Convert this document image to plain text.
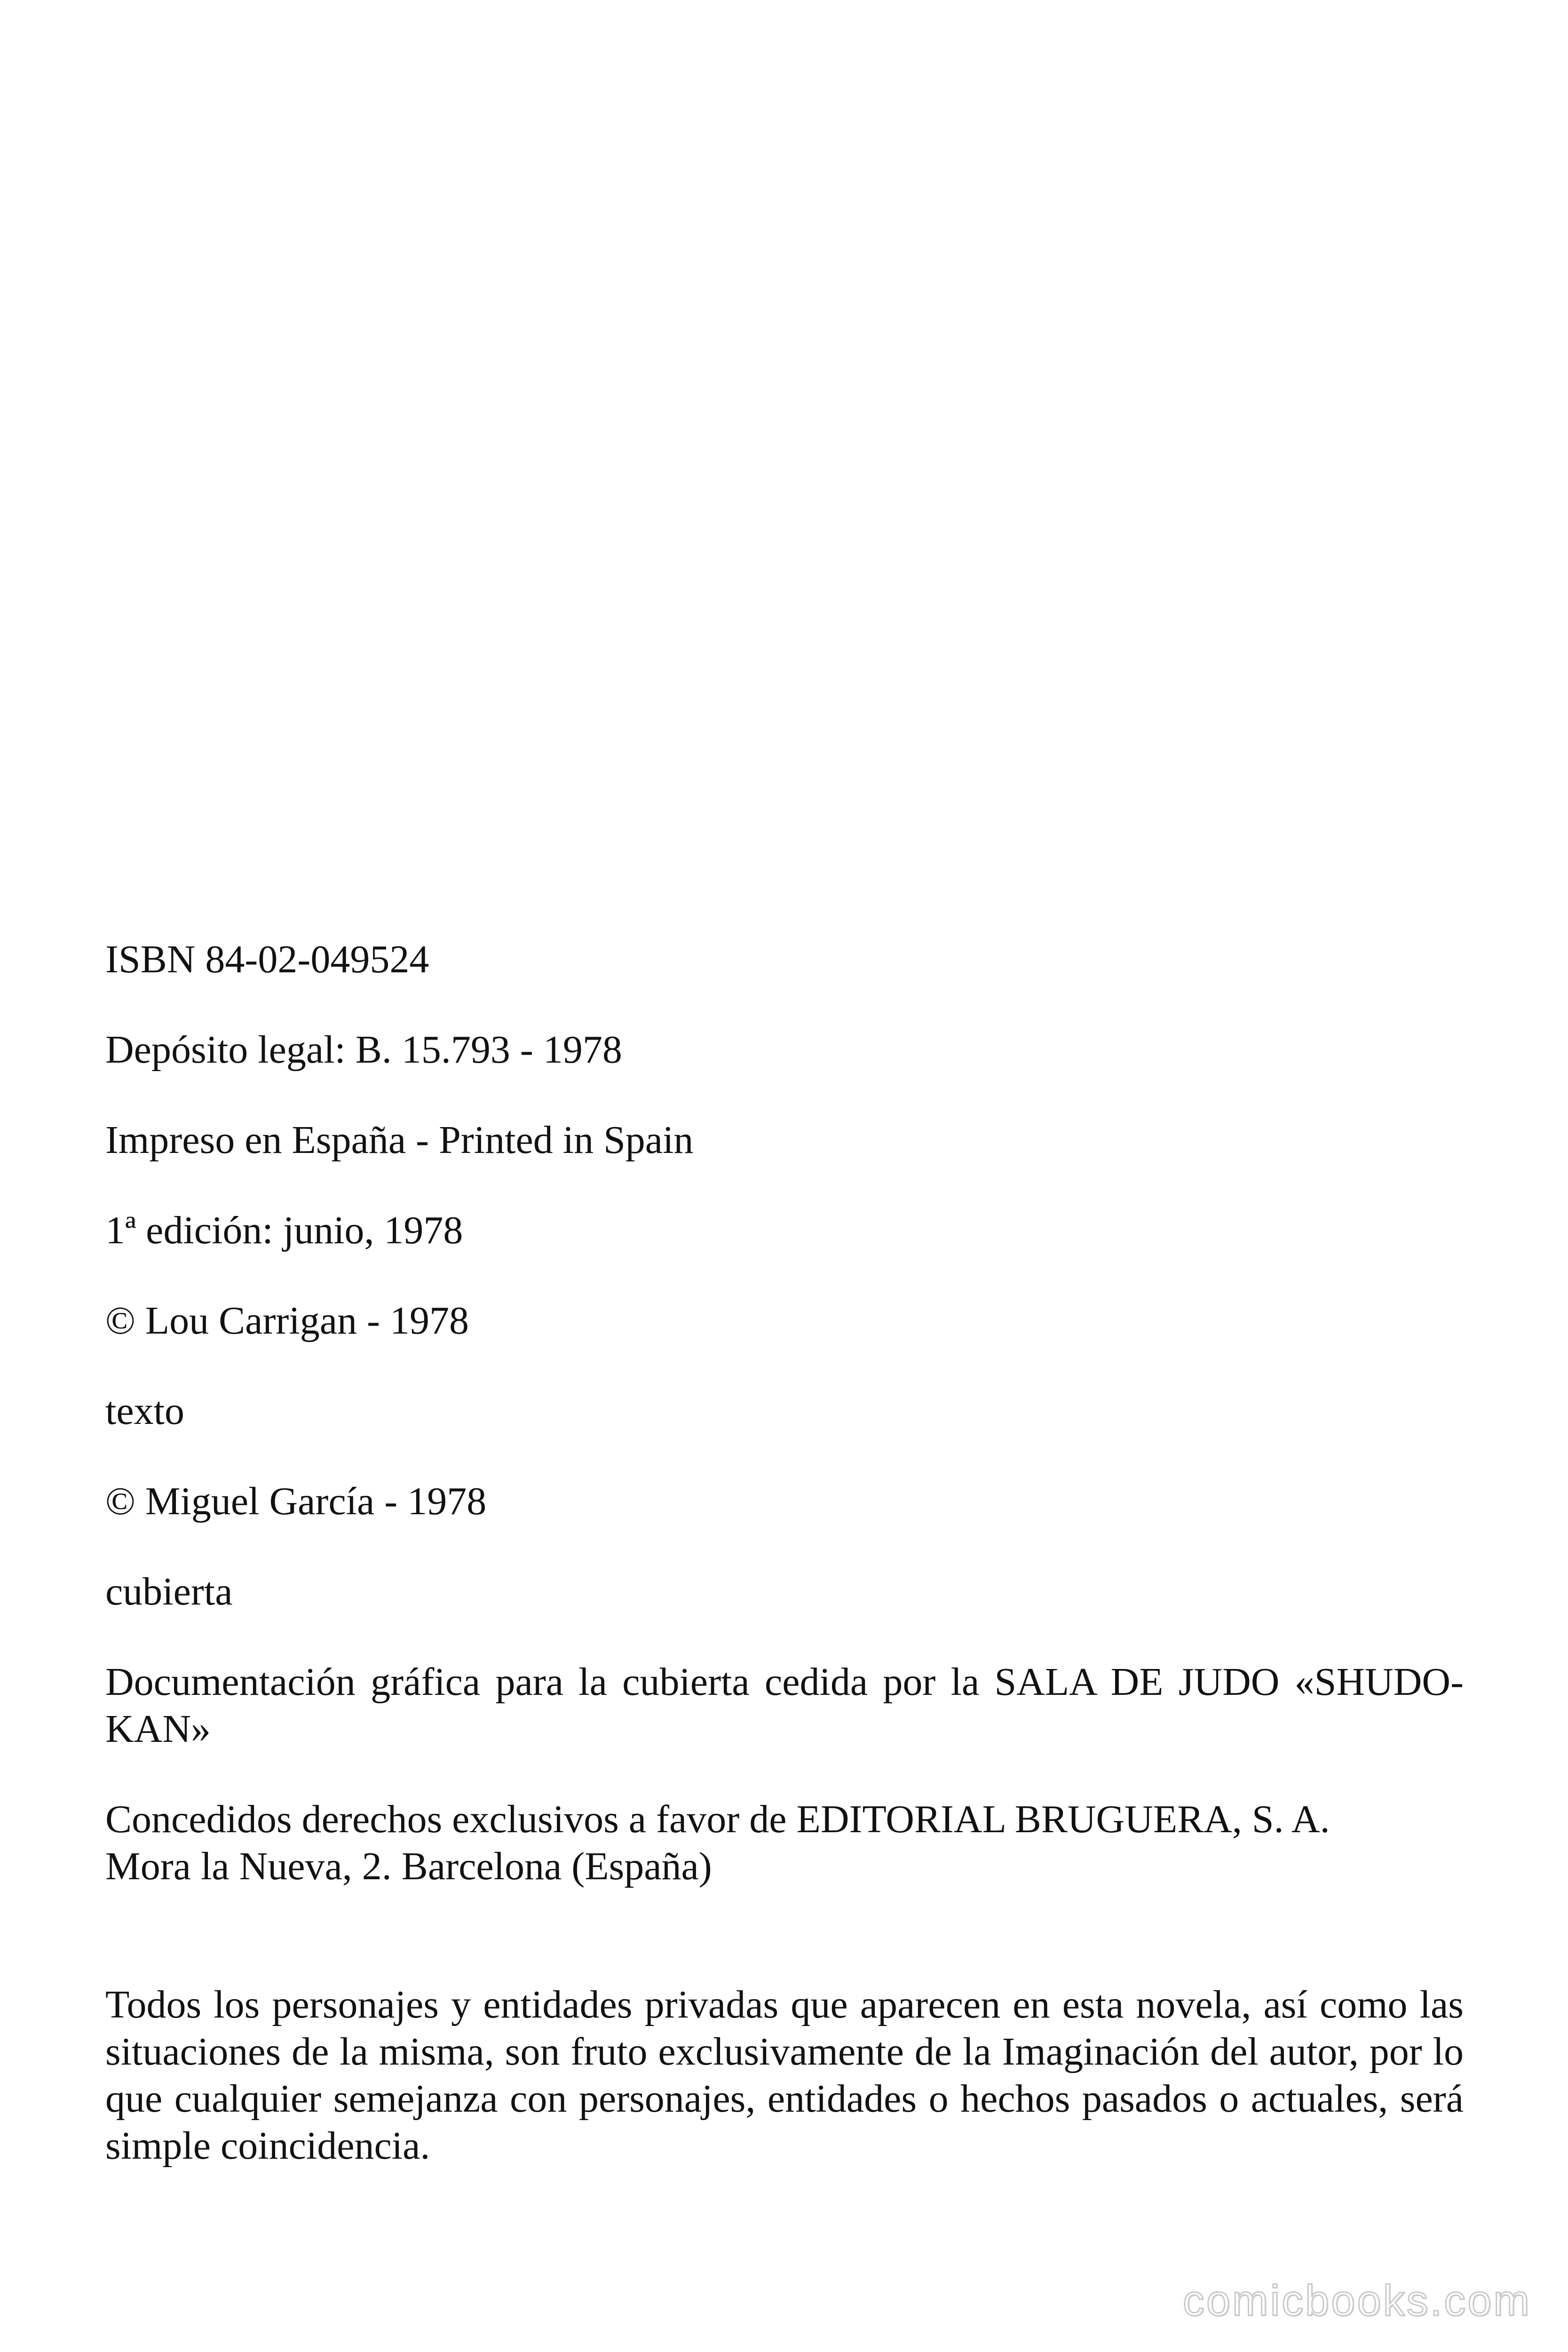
ISBN 84-02-049524

Depósito legal: B. 15.793 - 1978

Impreso en España - Printed in Spain

1ª edición: junio, 1978

© Lou Carrigan - 1978

texto

© Miguel García - 1978

cubierta

Documentación gráfica para la cubierta cedida por la SALA DE JUDO «SHUDO- KAN»

Concedidos derechos exclusivos a favor de EDITORIAL BRUGUERA, S. A.
Mora la Nueva, 2. Barcelona (España)

Todos los personajes y entidades privadas que aparecen en esta novela, así como las situaciones de la misma, son fruto exclusivamente de la Imaginación del autor, por lo que cualquier semejanza con personajes, entidades o hechos pasados o actuales, será simple coincidencia.

comicbooks.com
